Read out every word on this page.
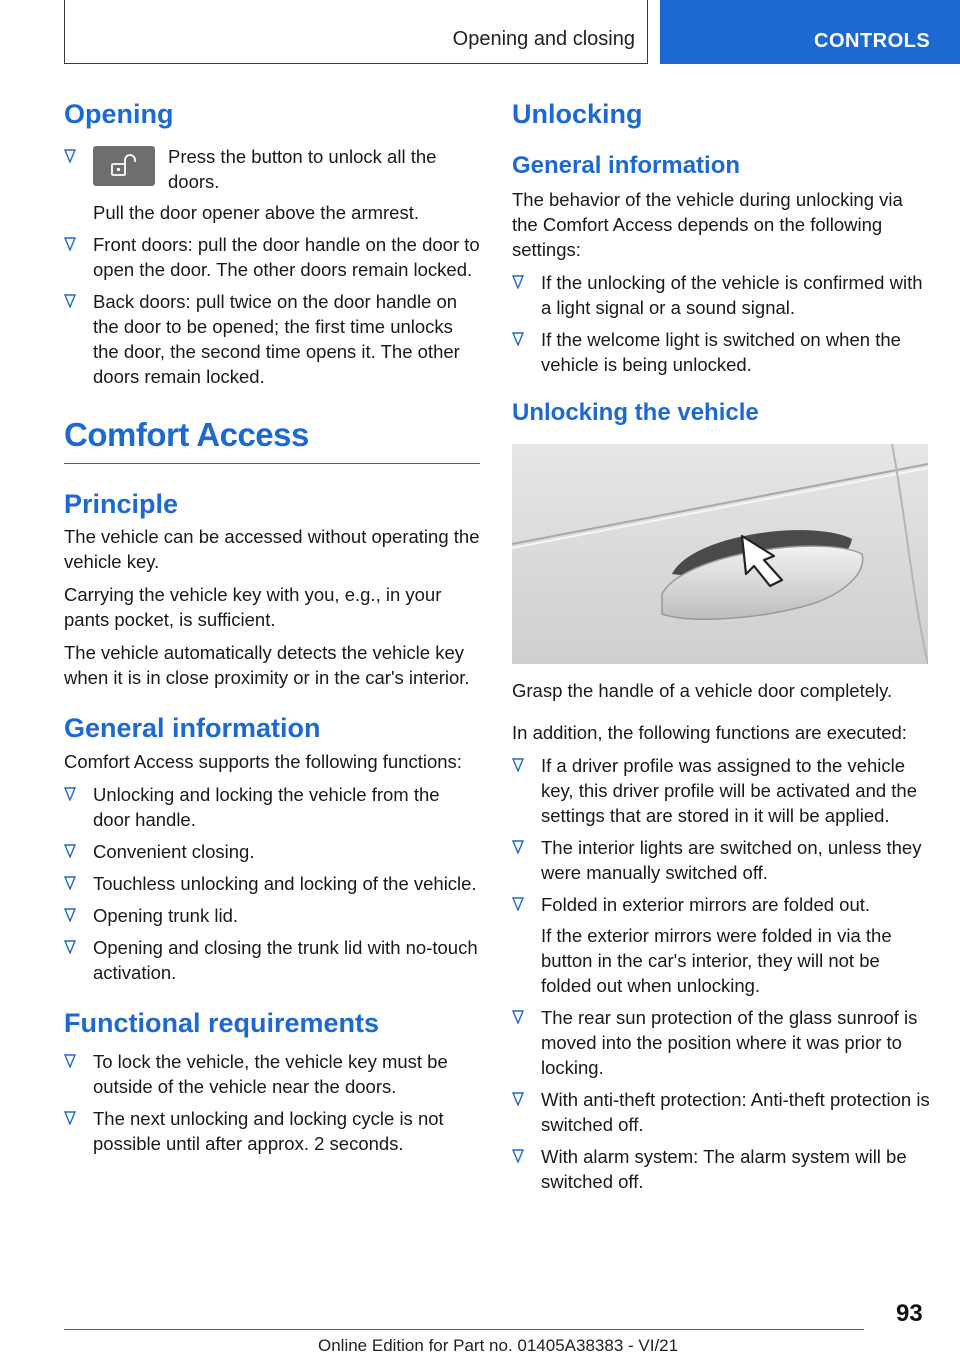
Opening and closing	CONTROLS
Opening
Press the button to unlock all the doors.

Pull the door opener above the armrest.

Front doors: pull the door handle on the door to open the door. The other doors remain locked.
Back doors: pull twice on the door handle on the door to be opened; the first time unlocks the door, the second time opens it. The other doors remain locked.
Comfort Access
Principle

The vehicle can be accessed without operating the vehicle key.

Carrying the vehicle key with you, e.g., in your pants pocket, is sufficient.

The vehicle automatically detects the vehicle key when it is in close proximity or in the car's interior.

General information

Comfort Access supports the following functions:

Unlocking and locking the vehicle from the door handle.
Convenient closing.
Touchless unlocking and locking of the vehicle.
Opening trunk lid.
Opening and closing the trunk lid with no-touch activation.
Functional requirements
To lock the vehicle, the vehicle key must be outside of the vehicle near the doors.
The next unlocking and locking cycle is not possible until after approx. 2 seconds.
Unlocking
General information

The behavior of the vehicle during unlocking via the Comfort Access depends on the following settings:

If the unlocking of the vehicle is confirmed with a light signal or a sound signal.
If the welcome light is switched on when the vehicle is being unlocked.
Unlocking the vehicle

Grasp the handle of a vehicle door completely.

In addition, the following functions are executed:

If a driver profile was assigned to the vehicle key, this driver profile will be activated and the settings that are stored in it will be applied.
The interior lights are switched on, unless they were manually switched off.
Folded in exterior mirrors are folded out.

If the exterior mirrors were folded in via the button in the car's interior, they will not be folded out when unlocking.

The rear sun protection of the glass sunroof is moved into the position where it was prior to locking.
With anti-theft protection: Anti-theft protection is switched off.
With alarm system: The alarm system will be switched off.
93
Online Edition for Part no. 01405A38383 - VI/21
